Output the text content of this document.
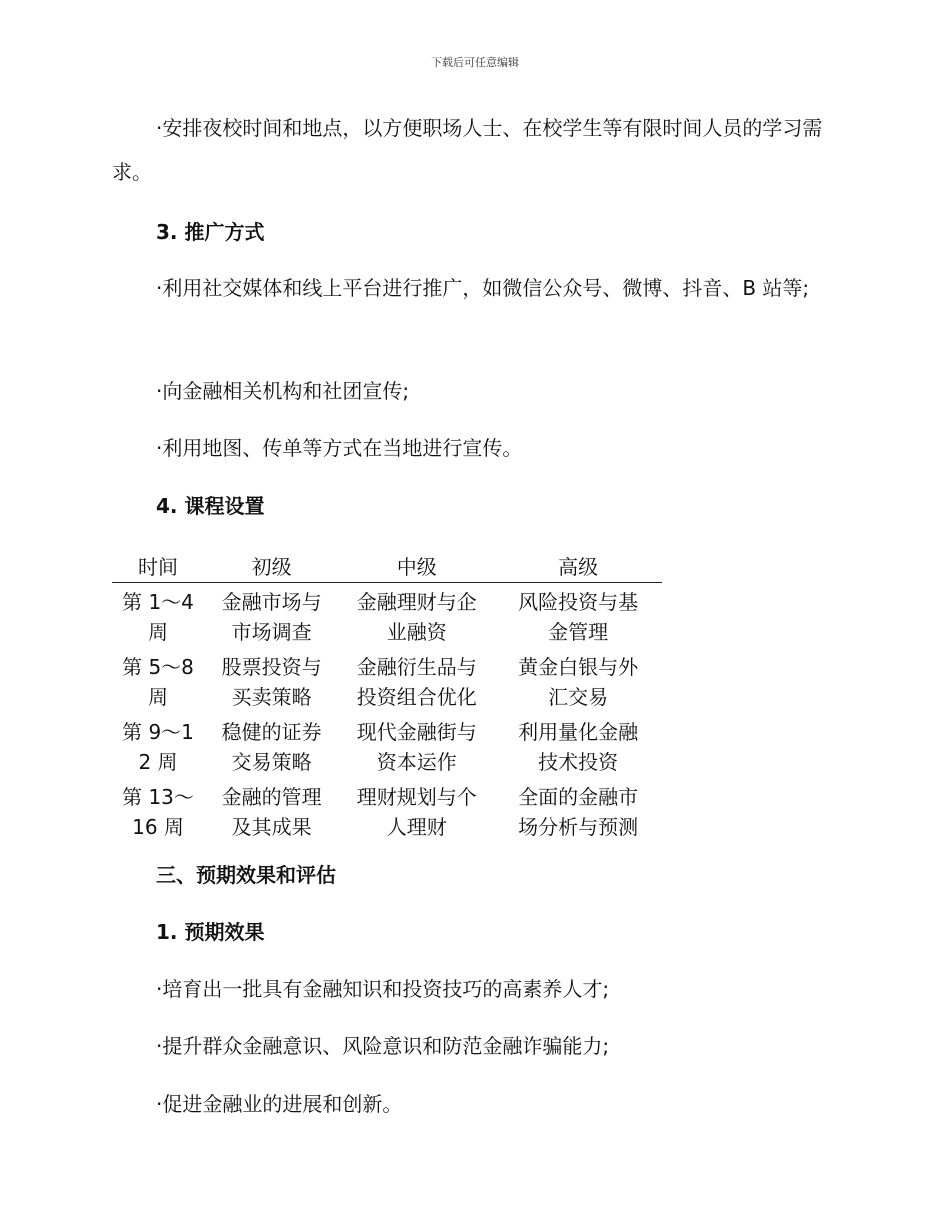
下载后可任意编辑

·安排夜校时间和地点，以方便职场人士、在校学生等有限时间人员的学习需求。

3. 推广方式

·利用社交媒体和线上平台进行推广，如微信公众号、微博、抖音、B 站等;

·向金融相关机构和社团宣传;

·利用地图、传单等方式在当地进行宣传。

4. 课程设置

时间	初级	中级	高级
第 1～4 周	金融市场与市场调查	金融理财与企业融资	风险投资与基金管理
第 5～8 周	股票投资与买卖策略	金融衍生品与投资组合优化	黄金白银与外汇交易
第 9～12 周	稳健的证券交易策略	现代金融街与资本运作	利用量化金融技术投资
第 13～16 周	金融的管理及其成果	理财规划与个人理财	全面的金融市场分析与预测

三、预期效果和评估

1. 预期效果

·培育出一批具有金融知识和投资技巧的高素养人才;

·提升群众金融意识、风险意识和防范金融诈骗能力;

·促进金融业的进展和创新。
